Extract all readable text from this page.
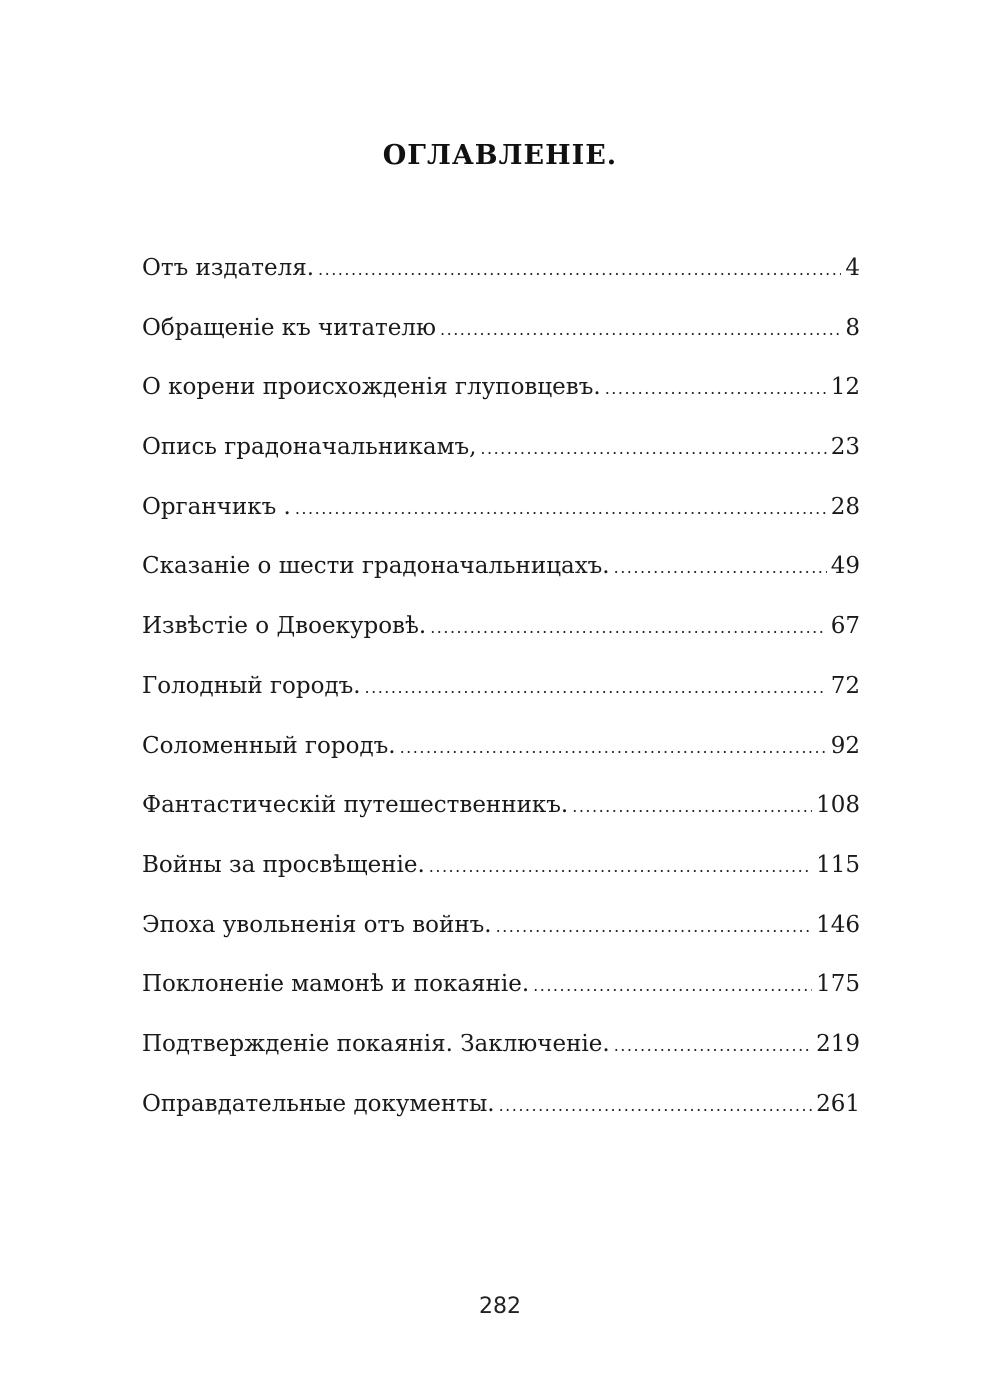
ОГЛАВЛЕНІЕ.
Отъ издателя. .....	4
Обращеніе къ читателю .....	8
О корени происхожденія глуповцевъ. .....	12
Опись градоначальникамъ, .....	23
Органчикъ . .....	28
Сказаніе о шести градоначальницахъ. .....	49
Извѣстіе о Двоекуровѣ. .....	67
Голодный городъ. .....	72
Соломенный городъ. .....	92
Фантастическій путешественникъ. .....	108
Войны за просвѣщеніе. .....	115
Эпоха увольненія отъ войнъ. .....	146
Поклоненіе мамонѣ и покаяніе. .....	175
Подтвержденіе покаянія. Заключеніе. .....	219
Оправдательные документы. .....	261
282
